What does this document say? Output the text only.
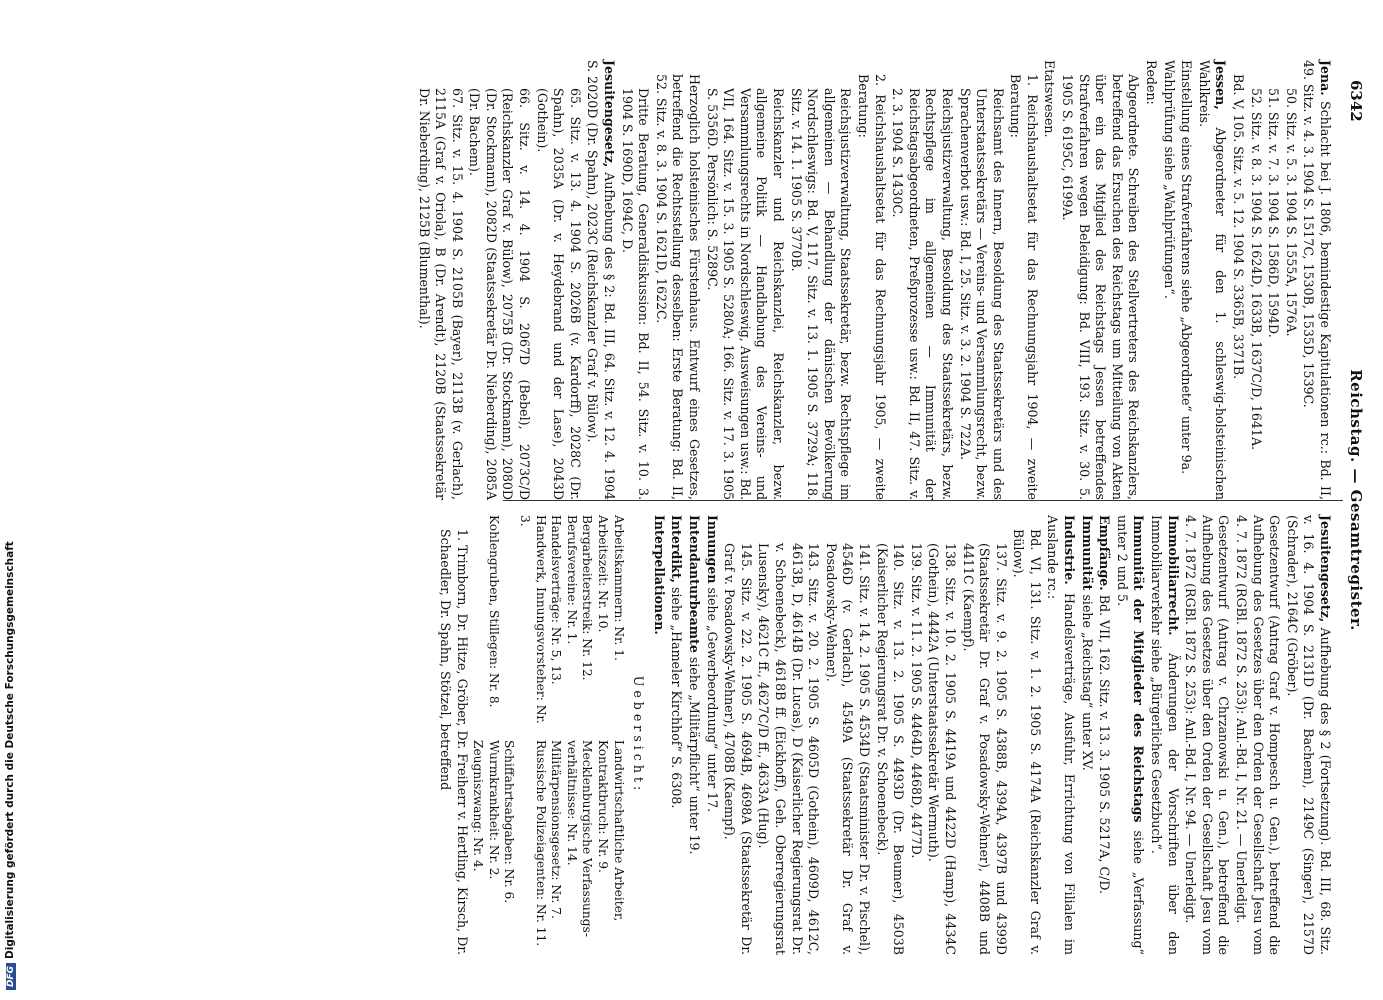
6342
Reichstag. — Gesamtregister.
Jena. Schlacht bei J. 1806, bemindestige Kapitulationen rc.: Bd. II, 49. Sitz. v. 4. 3. 1904 S. 1517C, 1530B, 1535D, 1539C.
50. Sitz. v. 5. 3. 1904 S. 1555A, 1576A.
51. Sitz. v. 7. 3. 1904 S. 1586D, 1594D.
52. Sitz. v. 8. 3. 1904 S. 1624D, 1633B, 1637C/D, 1641A.
Bd. V, 105. Sitz. v. 5. 12. 1904 S. 3365B, 3371B.
Jessen, Abgeordneter für den 1. schleswig-holsteinischen Wahlkreis.
Einstellung eines Strafverfahrens siehe „Abgeordnete“ unter 9a.
Wahlprüfung siehe „Wahlprüfungen“.
Reden:
Abgeordnete. Schreiben des Stellvertreters des Reichskanzlers, betreffend das Ersuchen des Reichstags um Mitteilung von Akten über ein das Mitglied des Reichstags Jessen betreffendes Strafverfahren wegen Beleidigung: Bd. VIII, 193. Sitz. v. 30. 5. 1905 S. 6195C, 6199A.
Etatswesen.
1. Reichshaushaltsetat für das Rechnungsjahr 1904, — zweite Beratung:
Reichsamt des Innern, Besoldung des Staatssekretärs und des Unterstaatssekretärs — Vereins- und Versammlungsrecht, bezw. Sprachenverbot usw.: Bd. I, 25. Sitz. v. 3. 2. 1904 S. 722A.
Reichsjustizverwaltung, Besoldung des Staatssekretärs, bezw. Rechtspflege im allgemeinen — Immunität der Reichstagsabgeordneten, Preßprozesse usw.: Bd. II, 47. Sitz. v. 2. 3. 1904 S. 1430C.
2. Reichshaushaltsetat für das Rechnungsjahr 1905, — zweite Beratung:
Reichsjustizverwaltung, Staatssekretär, bezw. Rechtspflege im allgemeinen — Behandlung der dänischen Bevölkerung Nordschleswigs: Bd. V, 117. Sitz. v. 13. 1. 1905 S. 3729A; 118. Sitz. v. 14. 1. 1905 S. 3770B.
Reichskanzler und Reichskanzlei, Reichskanzler, bezw. allgemeine Politik — Handhabung des Vereins- und Versammlungsrechts in Nordschleswig, Ausweisungen usw.: Bd. VII, 164. Sitz. v. 15. 3. 1905 S. 5280A; 166. Sitz. v. 17. 3. 1905 S. 5356D. Persönlich: S. 5289C.
Herzoglich holsteinisches Fürstenhaus. Entwurf eines Gesetzes, betreffend die Rechtsstellung desselben: Erste Beratung: Bd. II, 52. Sitz. v. 8. 3. 1904 S. 1621D, 1622C.
Dritte Beratung, Generaldiskussion: Bd. II, 54. Sitz. v. 10. 3. 1904 S. 1690D, 1694C, D.
Jesuitengesetz, Aufhebung des § 2: Bd. III, 64. Sitz. v. 12. 4. 1904 S. 2020D (Dr. Spahn), 2023C (Reichskanzler Graf v. Bülow).
65. Sitz. v. 13. 4. 1904 S. 2026B (v. Kardorff), 2028C (Dr. Spahn), 2035A (Dr. v. Heydebrand und der Lase), 2043D (Gothein).
66. Sitz. v. 14. 4. 1904 S. 2067D (Bebel), 2073C/D (Reichskanzler Graf v. Bülow), 2075B (Dr. Stockmann), 2080D (Dr. Stockmann), 2082D (Staatssekretär Dr. Nieberding), 2085A (Dr. Bachem).
67. Sitz. v. 15. 4. 1904 S. 2105B (Bayer), 2113B (v. Gerlach), 2115A (Graf v. Oriola), B (Dr. Arendt), 2120B (Staatssekretär Dr. Nieberding), 2125B (Blumenthal).
Jesuitengesetz, Aufhebung des § 2 (Fortsetzung). Bd. III, 68. Sitz. v. 16. 4. 1904 S. 2131D (Dr. Bachem), 2149C (Singer), 2157D (Schrader), 2164C (Gröber).
Gesetzentwurf (Antrag Graf v. Hompesch u. Gen.), betreffend die Aufhebung des Gesetzes über den Orden der Gesellschaft Jesu vom 4. 7. 1872 (RGBl. 1872 S. 253): Anl.-Bd. I, Nr. 21. — Unerledigt.
Gesetzentwurf (Antrag v. Chrzanowski u. Gen.), betreffend die Aufhebung des Gesetzes über den Orden der Gesellschaft Jesu vom 4. 7. 1872 (RGBl. 1872 S. 253): Anl.-Bd. I, Nr. 94. — Unerledigt.
Immobiliarrecht. Änderungen der Vorschriften über den Immobiliarverkehr siehe „Bürgerliches Gesetzbuch“.
Immunität der Mitglieder des Reichstags siehe „Verfassung“ unter 2 und 5.
Empfänge. Bd. VII, 162. Sitz. v. 13. 3. 1905 S. 5217A, C/D.
Immunität siehe „Reichstag“ unter XV.
Industrie. Handelsverträge, Ausfuhr, Errichtung von Filialen im Auslande rc.:
Bd. VI, 131. Sitz. v. 1. 2. 1905 S. 4174A (Reichskanzler Graf v. Bülow).
137. Sitz. v. 9. 2. 1905 S. 4388B, 4394A, 4397B und 4399D (Staatssekretär Dr. Graf v. Posadowsky-Wehner), 4408B und 4411C (Kaempf).
138. Sitz. v. 10. 2. 1905 S. 4419A und 4422D (Hamp), 4434C (Gothein), 4442A (Unterstaatssekretär Wermuth).
139. Sitz. v. 11. 2. 1905 S. 4464D, 4468D, 4477D.
140. Sitz. v. 13. 2. 1905 S. 4493D (Dr. Beumer), 4503B (Kaiserlicher Regierungsrat Dr. v. Schoenebeck).
141. Sitz. v. 14. 2. 1905 S. 4534D (Staatsminister Dr. v. Pischel), 4546D (v. Gerlach), 4549A (Staatssekretär Dr. Graf v. Posadowsky-Wehner).
143. Sitz. v. 20. 2. 1905 S. 4605D (Gothein), 4609D, 4612C, 4613B, D, 4614B (Dr. Lucas), D (Kaiserlicher Regierungsrat Dr. v. Schoenebeck), 4618B ff. (Eickhoff), Geh. Oberregierungsrat Lusensky), 4621C ff., 4627C/D ff., 4633A (Hug).
145. Sitz. v. 22. 2. 1905 S. 4694B, 4698A (Staatssekretär Dr. Graf v. Posadowsky-Wehner), 4708B (Kaempf).
Innungen siehe „Gewerbeordnung“ unter 17.
Intendanturbeamte siehe „Militärpflicht“ unter 19.
Interdikt, siehe „Hameler Kirchhof“ S. 6308.
Interpellationen.
Uebersicht:
Arbeitskammern: Nr. 1.
Landwirtschaftliche Arbeiter,
Arbeitszeit: Nr. 10.
Kontraktbruch: Nr. 9.
Bergarbeiterstreik: Nr. 12.
Mecklenburgische Verfassungs-
Berufsvereine: Nr. 1.
verhältnisse: Nr. 14.
Handelsverträge: Nr. 5, 13.
Militärpensionsgesetz: Nr. 7.
Handwerk, Innungsvorsteher: Nr. 3.
Russische Polizeiagenten: Nr. 11.
Schiffahrtsabgaben: Nr. 6.
Kohlengruben, Stillegen: Nr. 8.
Wurmkrankheit: Nr. 2.
Zeugniszwang: Nr. 4.
1. Trimborn, Dr. Hitze, Gröber, Dr. Freiherr v. Hertling, Kirsch, Dr. Schaedler, Dr. Spahn, Stötzel, betreffend
DFGDigitalisierung gefördert durch die Deutsche Forschungsgemeinschaft
